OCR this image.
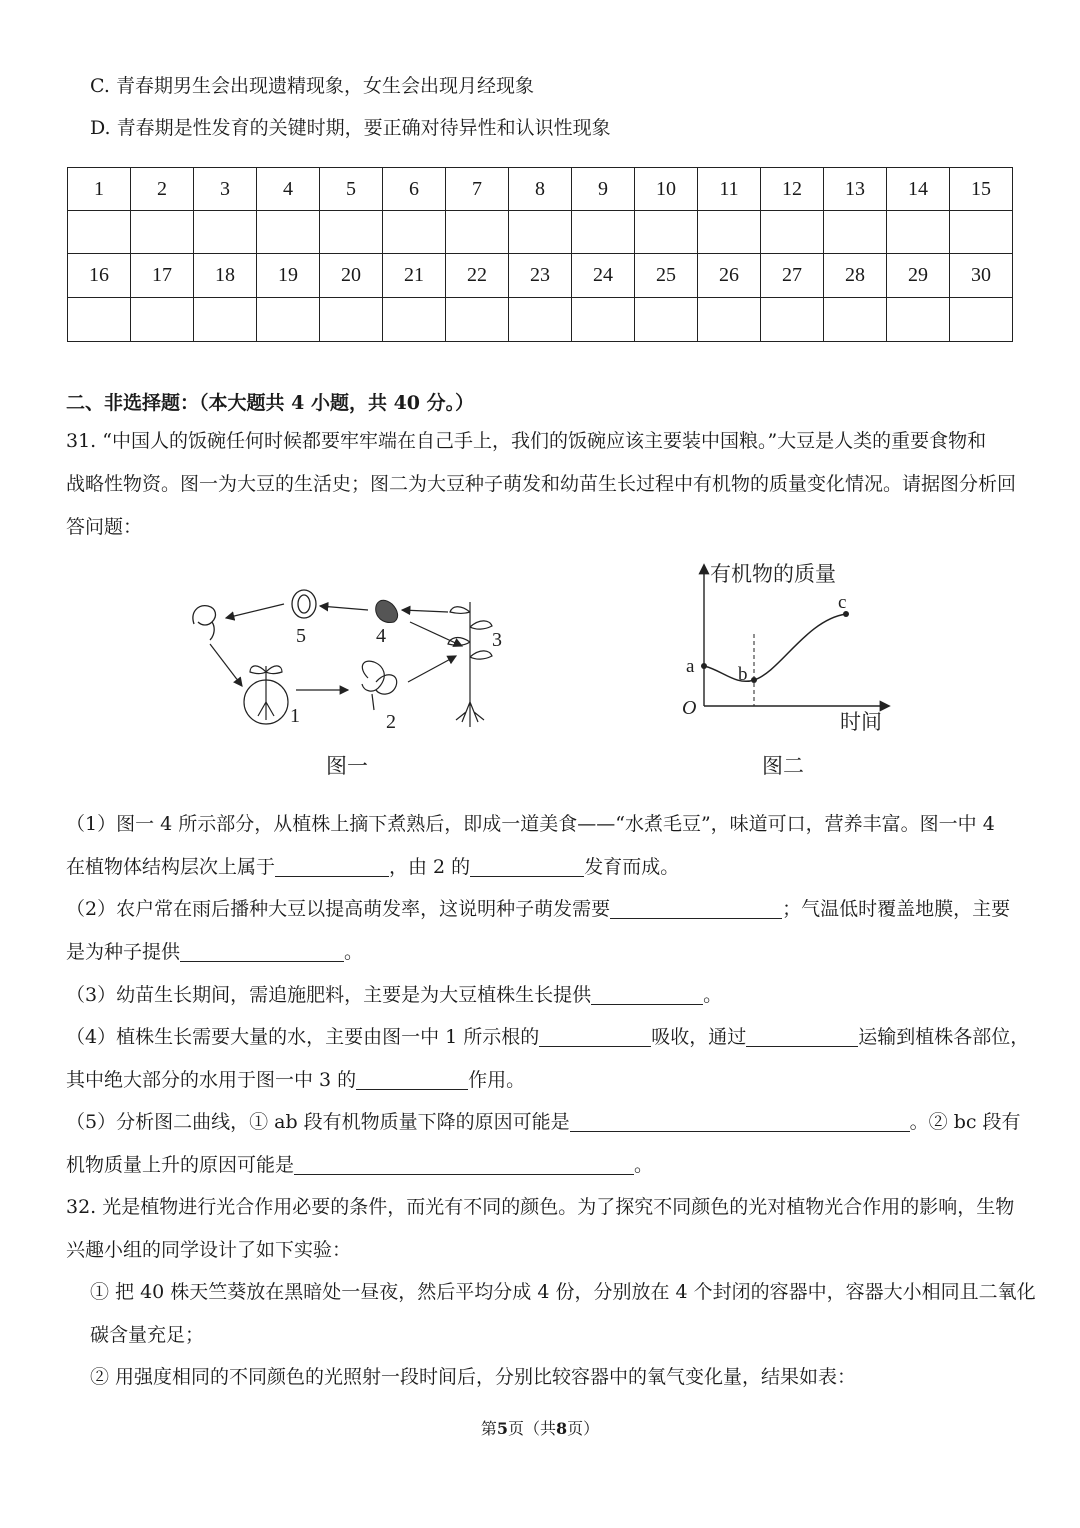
C. 青春期男生会出现遗精现象，女生会出现月经现象
D. 青春期是性发育的关键时期，要正确对待异性和认识性现象
1	2	3	4	5	6	7	8	9	10	11	12	13	14	15

16	17	18	19	20	21	22	23	24	25	26	27	28	29	30

二、非选择题：（本大题共 4 小题，共 40 分。）
31. “中国人的饭碗任何时候都要牢牢端在自己手上，我们的饭碗应该主要装中国粮。”大豆是人类的重要食物和
战略性物资。图一为大豆的生活史；图二为大豆种子萌发和幼苗生长过程中有机物的质量变化情况。请据图分析回
答问题：
5	4	3
1	2
图一
有机物的质量
时间
O
a b
c
图二
（1）图一 4 所示部分，从植株上摘下煮熟后，即成一道美食——“水煮毛豆”，味道可口，营养丰富。图一中 4
在植物体结构层次上属于	，由 2 的	发育而成。
（2）农户常在雨后播种大豆以提高萌发率，这说明种子萌发需要	；气温低时覆盖地膜，主要
是为种子提供	。
（3）幼苗生长期间，需追施肥料，主要是为大豆植株生长提供	。
（4）植株生长需要大量的水，主要由图一中 1 所示根的	吸收，通过	运输到植株各部位，
其中绝大部分的水用于图一中 3 的	作用。
（5）分析图二曲线，① ab 段有机物质量下降的原因可能是	。② bc 段有
机物质量上升的原因可能是	。
32. 光是植物进行光合作用必要的条件，而光有不同的颜色。为了探究不同颜色的光对植物光合作用的影响，生物
兴趣小组的同学设计了如下实验：
① 把 40 株天竺葵放在黑暗处一昼夜，然后平均分成 4 份，分别放在 4 个封闭的容器中，容器大小相同且二氧化
碳含量充足；
② 用强度相同的不同颜色的光照射一段时间后，分别比较容器中的氧气变化量，结果如表：
第5页（共8页）
